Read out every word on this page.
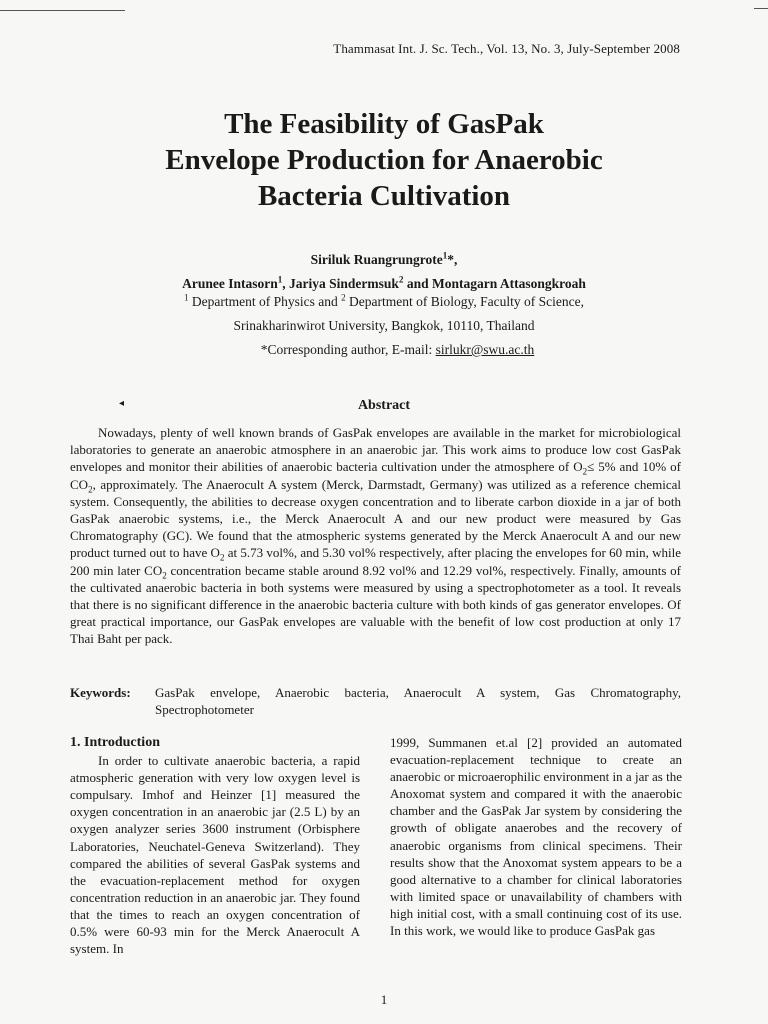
Thammasat Int. J. Sc. Tech., Vol. 13, No. 3, July-September 2008
The Feasibility of GasPak
Envelope Production for Anaerobic
Bacteria Cultivation
Siriluk Ruangrungrote$^1$*,
Arunee Intasorn$^1$, Jariya Sindermsuk$^2$ and Montagarn Attasongkroah
$^1$ Department of Physics and $^2$ Department of Biology, Faculty of Science,
Srinakharinwirot University, Bangkok, 10110, Thailand
*Corresponding author, E-mail: sirlukr@swu.ac.th
◂	Abstract
Nowadays, plenty of well known brands of GasPak envelopes are available in the market for microbiological laboratories to generate an anaerobic atmosphere in an anaerobic jar. This work aims to produce low cost GasPak envelopes and monitor their abilities of anaerobic bacteria cultivation under the atmosphere of $O_2\le 5\%$ and 10% of $CO_2$, approximately. The Anaerocult A system (Merck, Darmstadt, Germany) was utilized as a reference chemical system. Consequently, the abilities to decrease oxygen concentration and to liberate carbon dioxide in a jar of both GasPak anaerobic systems, i.e., the Merck Anaerocult A and our new product were measured by Gas Chromatography (GC). We found that the atmospheric systems generated by the Merck Anaerocult A and our new product turned out to have $O_2$ at 5.73 vol%, and 5.30 vol% respectively, after placing the envelopes for 60 min, while 200 min later $CO_2$ concentration became stable around 8.92 vol% and 12.29 vol%, respectively. Finally, amounts of the cultivated anaerobic bacteria in both systems were measured by using a spectrophotometer as a tool. It reveals that there is no significant difference in the anaerobic bacteria culture with both kinds of gas generator envelopes. Of great practical importance, our GasPak envelopes are valuable with the benefit of low cost production at only 17 Thai Baht per pack.
Keywords:	GasPak envelope, Anaerobic bacteria, Anaerocult A system, Gas Chromatography, Spectrophotometer
1. Introduction
In order to cultivate anaerobic bacteria, a rapid atmospheric generation with very low oxygen level is compulsary. Imhof and Heinzer [1] measured the oxygen concentration in an anaerobic jar (2.5 L) by an oxygen analyzer series 3600 instrument (Orbisphere Laboratories, Neuchatel-Geneva Switzerland). They compared the abilities of several GasPak systems and the evacuation-replacement method for oxygen concentration reduction in an anaerobic jar. They found that the times to reach an oxygen concentration of 0.5% were 60-93 min for the Merck Anaerocult A system. In
1999, Summanen et.al [2] provided an automated evacuation-replacement technique to create an anaerobic or microaerophilic environment in a jar as the Anoxomat system and compared it with the anaerobic chamber and the GasPak Jar system by considering the growth of obligate anaerobes and the recovery of anaerobic organisms from clinical specimens. Their results show that the Anoxomat system appears to be a good alternative to a chamber for clinical laboratories with limited space or unavailability of chambers with high initial cost, with a small continuing cost of its use. In this work, we would like to produce GasPak gas
1
